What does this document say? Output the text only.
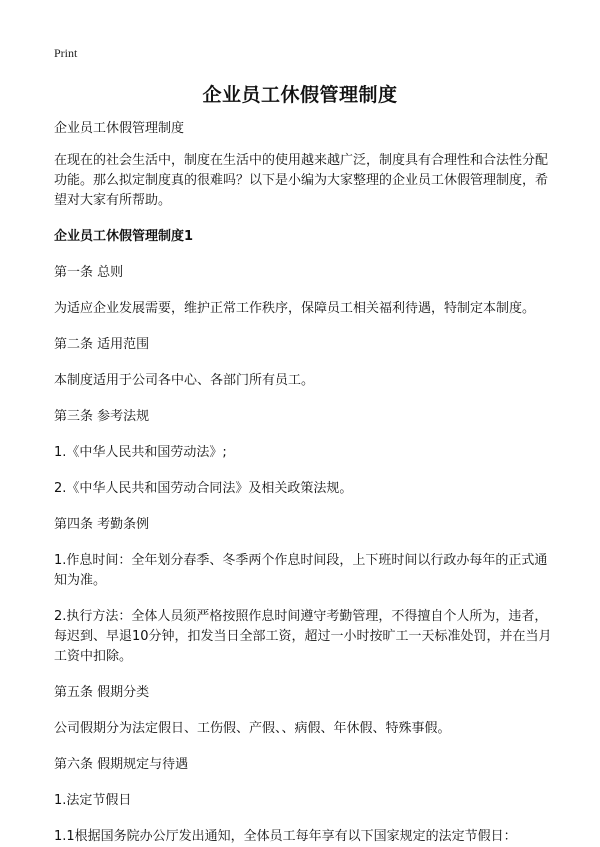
Print
企业员工休假管理制度

企业员工休假管理制度

在现在的社会生活中，制度在生活中的使用越来越广泛，制度具有合理性和合法性分配功能。那么拟定制度真的很难吗？以下是小编为大家整理的企业员工休假管理制度，希望对大家有所帮助。

企业员工休假管理制度1

第一条 总则

为适应企业发展需要，维护正常工作秩序，保障员工相关福利待遇，特制定本制度。

第二条 适用范围

本制度适用于公司各中心、各部门所有员工。

第三条 参考法规

1.《中华人民共和国劳动法》;

2.《中华人民共和国劳动合同法》及相关政策法规。

第四条 考勤条例

1.作息时间：全年划分春季、冬季两个作息时间段，上下班时间以行政办每年的正式通知为准。

2.执行方法：全体人员须严格按照作息时间遵守考勤管理，不得擅自个人所为，违者，每迟到、早退10分钟，扣发当日全部工资，超过一小时按旷工一天标准处罚，并在当月工资中扣除。

第五条 假期分类

公司假期分为法定假日、工伤假、产假、、病假、年休假、特殊事假。

第六条 假期规定与待遇

1.法定节假日

1.1根据国务院办公厅发出通知，全体员工每年享有以下国家规定的法定节假日：
